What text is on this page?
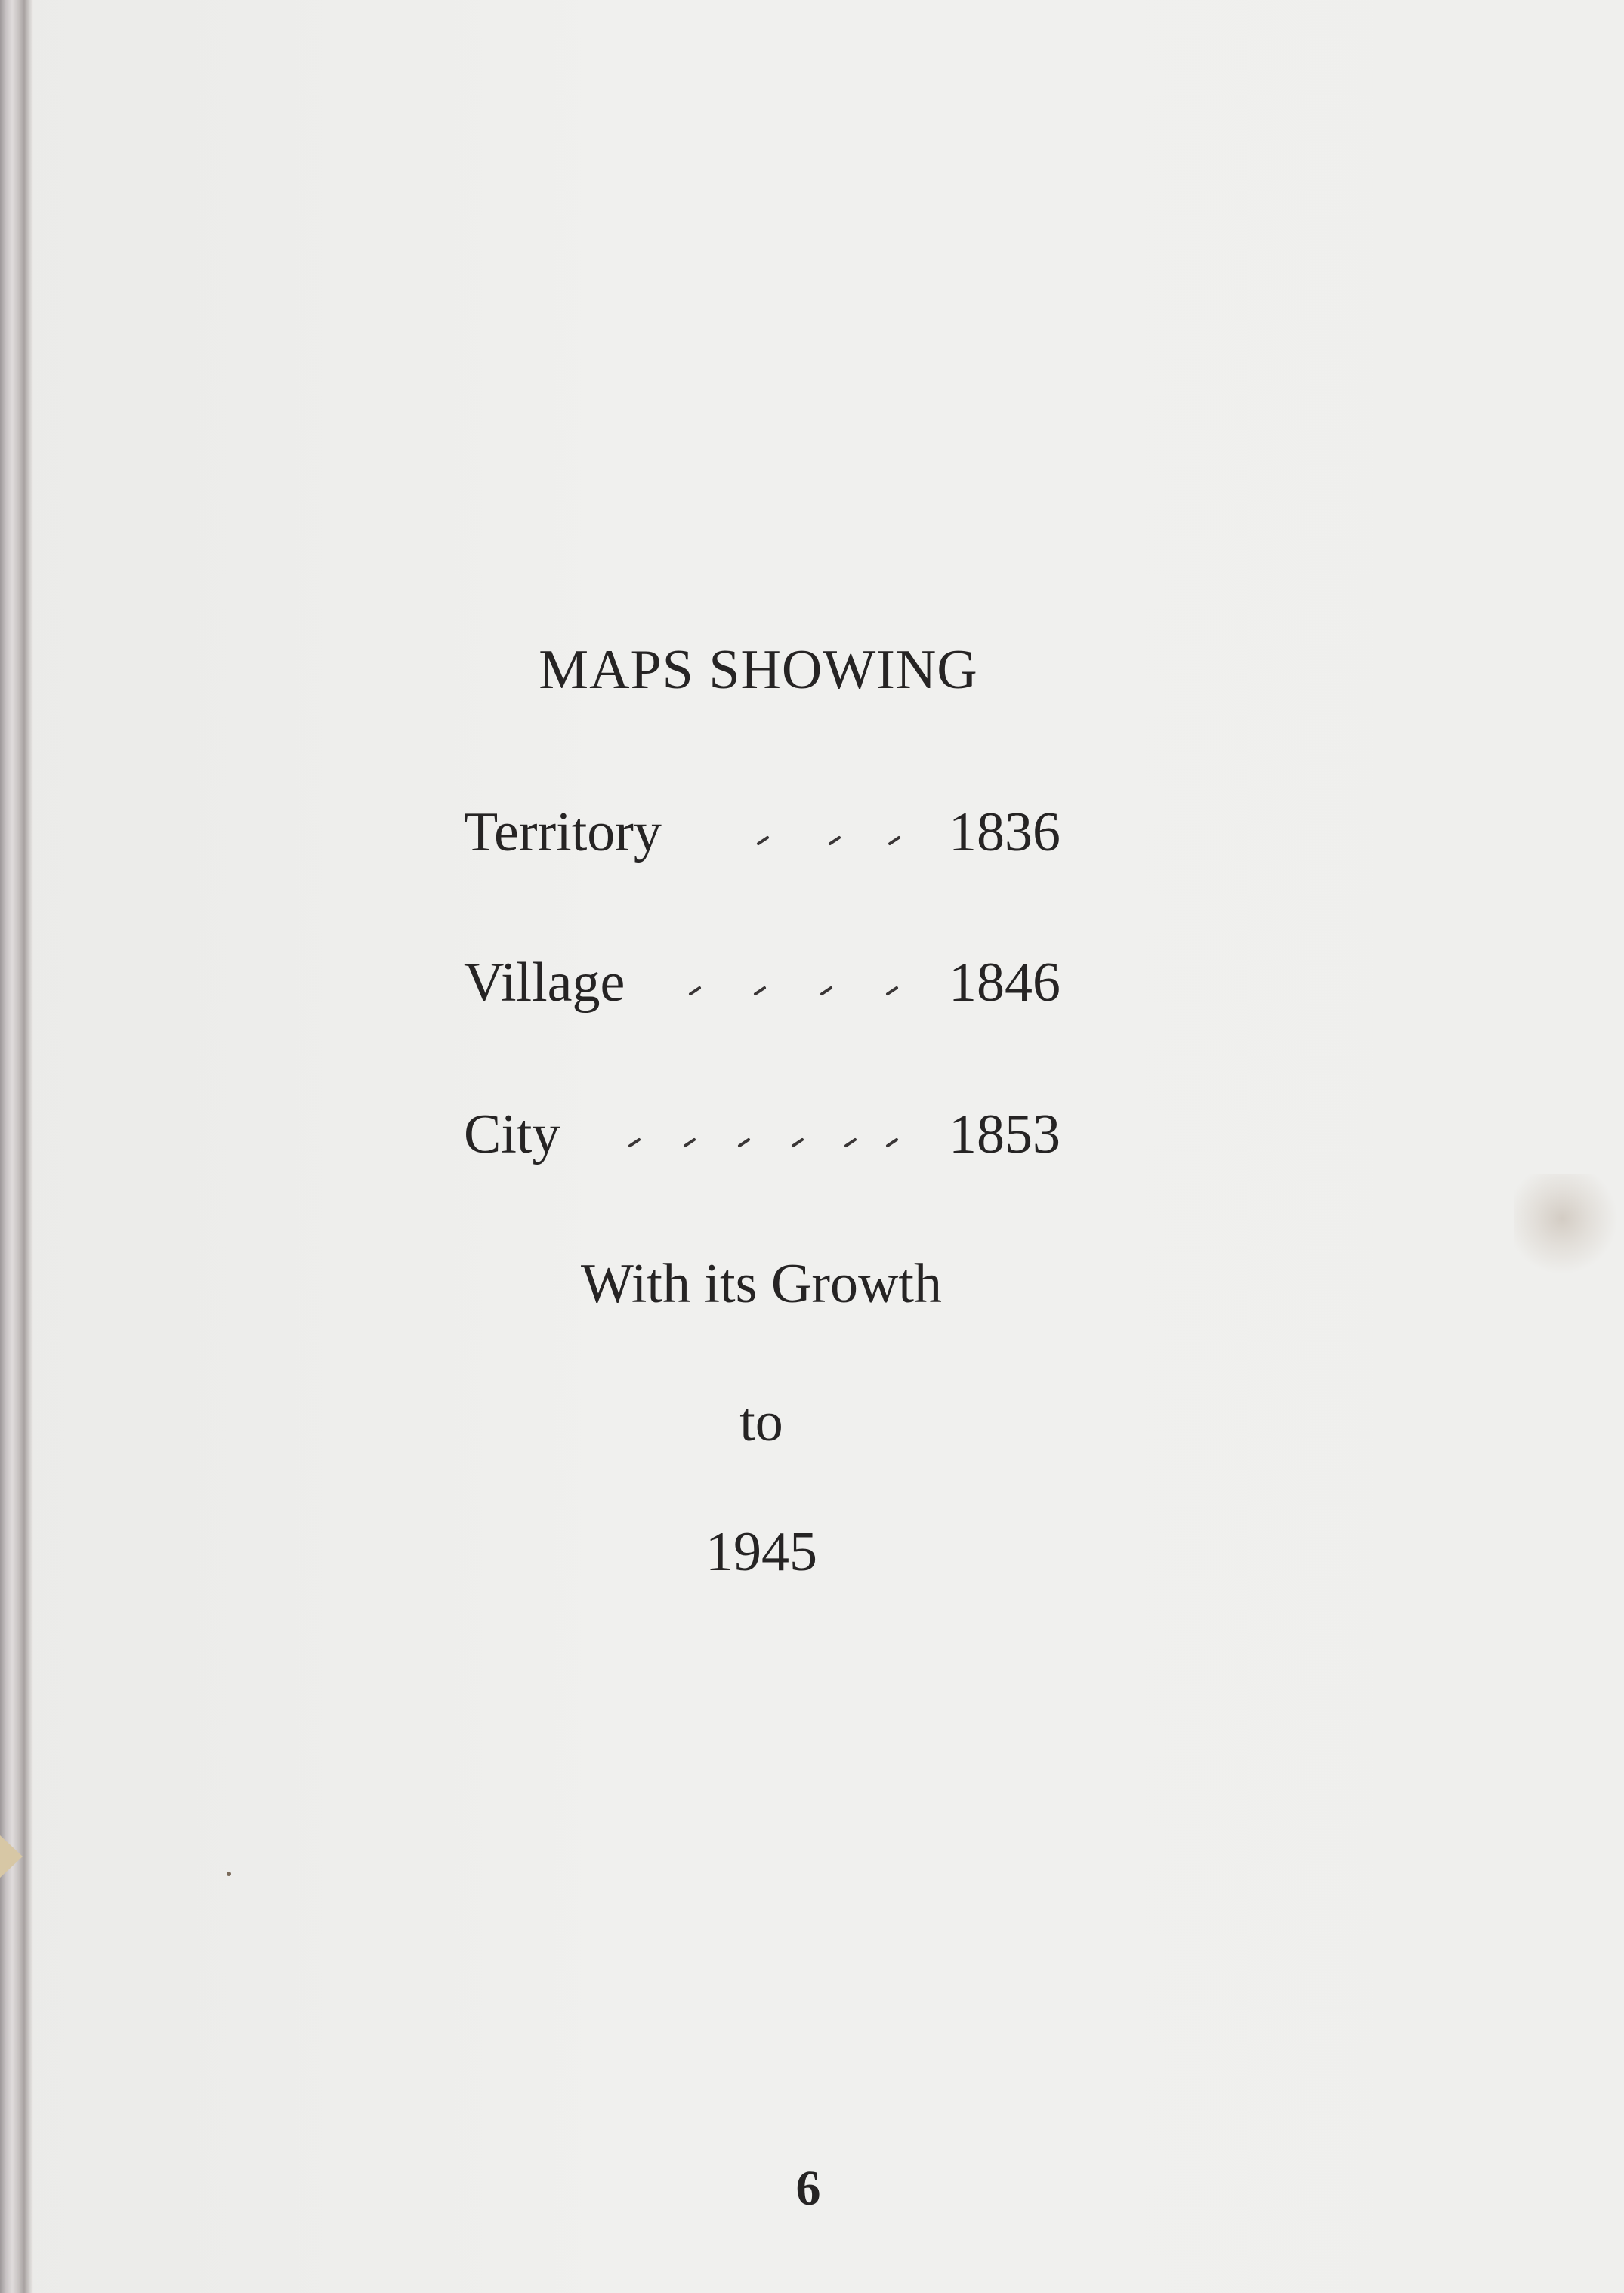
MAPS SHOWING
Territory	1836
Village	1846
City	1853
With its Growth
to
1945
6
